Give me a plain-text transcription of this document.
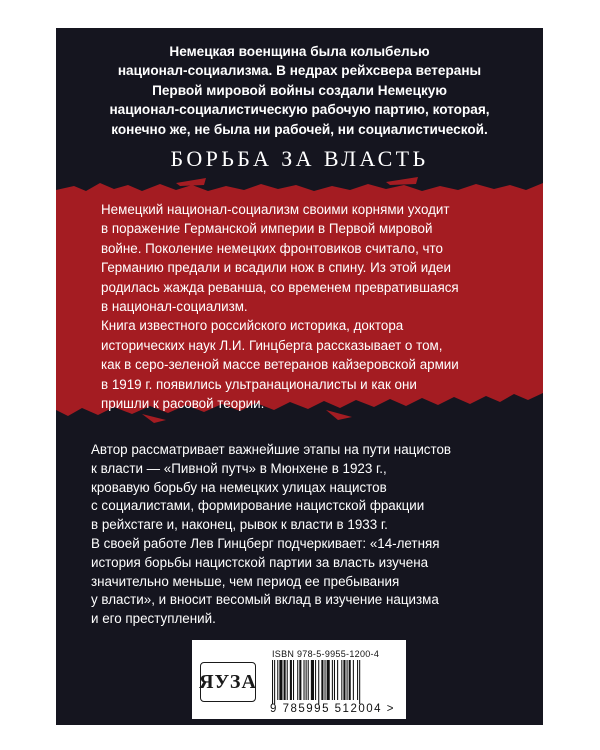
Немецкая военщина была колыбелью
национал-социализма. В недрах рейхсвера ветераны
Первой мировой войны создали Немецкую
национал-социалистическую рабочую партию, которая,
конечно же, не была ни рабочей, ни социалистической.
БОРЬБА ЗА ВЛАСТЬ

Немецкий национал-социализм своими корнями уходит

в поражение Германской империи в Первой мировой

войне. Поколение немецких фронтовиков считало, что

Германию предали и всадили нож в спину. Из этой идеи

родилась жажда реванша, со временем превратившаяся

в национал-социализм.

Книга известного российского историка, доктора

исторических наук Л.И. Гинцберга рассказывает о том,

как в серо-зеленой массе ветеранов кайзеровской армии

в 1919 г. появились ультранационалисты и как они

пришли к расовой теории.

Автор рассматривает важнейшие этапы на пути нацистов

к власти — «Пивной путч» в Мюнхене в 1923 г.,

кровавую борьбу на немецких улицах нацистов

с социалистами, формирование нацистской фракции

в рейхстаге и, наконец, рывок к власти в 1933 г.

В своей работе Лев Гинцберг подчеркивает: «14-летняя

история борьбы нацистской партии за власть изучена

значительно меньше, чем период ее пребывания

у власти», и вносит весомый вклад в изучение нацизма

и его преступлений.

ЯУЗА
ISBN 978-5-9955-1200-4
9 785995 512004 >
